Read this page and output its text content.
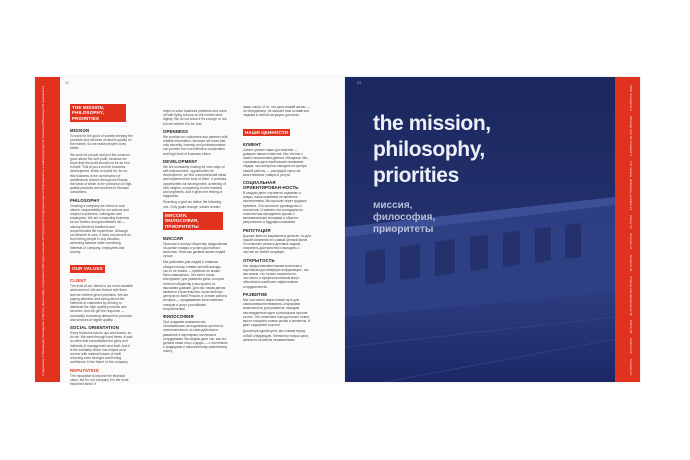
52
THE MISSION, PHILOSOPHY, PRIORITIES
MISSION
To work for the good of society keeping the products and services of decent quality on the market. So we make people's lives better.
We work for people and just the common good above the self-profit, because we know that the profit should not be an end in itself. This is just a tool for business development, which is useful for, for us, this business is the construction of architectural centres throughout Russia, the basis of which is the promotion of high-quality products and services to Russian consumers.
PHILOSOPHY
Creating a company we relied on real values: responsibility for our actions and respect to partners, colleagues and employees. We are conducting business as our fathers and grandfathers did — valuing tribute to traditions and recommended life experience. Although our lifework is ours, it does not prevent us from being people in any situation, achieving balance while combining interests of company, employees and society.
OUR VALUES
CLIENT
The trust of our clients is our most valuable achievement. We are thrived with them and we redeem given promises. We are paying attention and caring about the interests of customers by striving to distribute the high quality products and services. And we get the response — constantly increasing demand for products and services of higher quality.
SOCIAL ORIENTATION
Every business has its ups and downs, so do we. We went through hard times. It said so often that consolidated the glory and interests of management and staff. And it is the solidarity which has helped us to survive with minimal losses of staff, returning even stronger and finding confidence in the future of the company.
REPUTATION
The reputation is beyond the financial value, but for our company it is the most important asset. It
helps to solve business problems and come off with flying colours on the certain strict dignity. We do not know if it's enough or not, but we believe it to be true.
OPENNESS
We provide our customers and partners with reliable information, because we know that only sincerity, honesty and professionalism can provide the most effective cooperation and high level of business ethics.
DEVELOPMENT
We are constantly looking for new ways of self-improvement, opportunities for development, we find unconventional ideas and implement the best of them. It provides opportunities for development, achieving of new heights, conquering of new markets and segments. And it gives the feeling of happiness.
Reaching a goal we define the following one. Only goals change, values remain.
МИССИЯ, ФИЛОСОФИЯ, ПРИОРИТЕТЫ
МИССИЯ
Приносить пользу обществу, представляя на рынке товары и услуги достойного качества. Этим мы делаем жизнь людей лучше.
Мы работаем для людей и главным общую пользу ставим личной выгоды, так-то не знаем — прибыль не может быть самоцелью. Это всего лишь инструмент для развития дела, которое полезно обществу и выстроено из высокими домами. Для нас таким делом является строительство логистических центров по всей России, в основе работы которых — продвижение качественных товаров и услуг российским потребителям.
ФИЛОСОФИЯ
При создании компании мы основывались на подлинные ценности: ответственность за свои действия и уважение к партнерам, коллегам и сотрудникам. Мы ведем дело так, как это делали наши отцы и деды — с почтением к традициям и накопленному жизненному опыту.
нашу опыту. И то, что дело нашей жизни — не переделали, не мешает нам оставаться людьми в любой ситуации, достигая
НАШИ ЦЕННОСТИ
КЛИЕНТ
Самое ценное наше достижение — доверие наших клиентов. Мы честны с ними и выполняем данные обещания. Мы стремимся дать наибольшее внимание людям, чьи интересы находятся в центре нашей работы, — растущий спрос на качественные товары и услуги.
СОЦИАЛЬНАЯ ОРИЕНТИРОВАН-НОСТЬ
В каждом деле случаются подъемы и спады, наша компания не является исключением. Мы прошли через трудные времена. Это сплотило руководство и коллектив. И именно эта солидарность помогла нам преодолеть кризис с минимальными потерями и обрести уверенность в будущем компании.
РЕПУТАЦИЯ
Дороже всех не выражена в деньгах, но для нашей компании это самый ценный актив. Он помогает решать деловые задачи, сохранять достоинство и выходить с честью из любой ситуации.
ОТКРЫТОСТЬ
Мы предоставляем нашим клиентам и партнерам достоверную информацию, так как знаем, что только искренность, честность и профессионализм могут обеспечить наиболее эффективное сотрудничество.
РАЗВИТИЕ
Мы постоянно ищем новые пути для самосовершенствования, открываем возможности для развития, находим нестандартные идеи и реализуем лучшие из них. Это позволяет нам достигать новых высот, покорять новые рынки и сегменты. И дает ощущение счастья.
Достигнув одной цели, мы ставим перед собой следующую. Меняются только цели, ценности остаются неизменными.
Содержание 2
Обращение Президента 4
Миссия, философия, приоритеты 12
История компании 18
Структура 24
Подразделения 32
Собственность и инфраструктура 40
Клиенты 50
Партнеры 56
Контакты 64
53
the mission,
philosophy,
priorities
миссия,
философия,
приоритеты
Table of Contents 2
Message from the President 4
The mission, philosophy, priorities 12
History 18
Structure 24
Divisions 32
Property and infrastructure 40
Clients 50
Partners 56
Contacts 64
